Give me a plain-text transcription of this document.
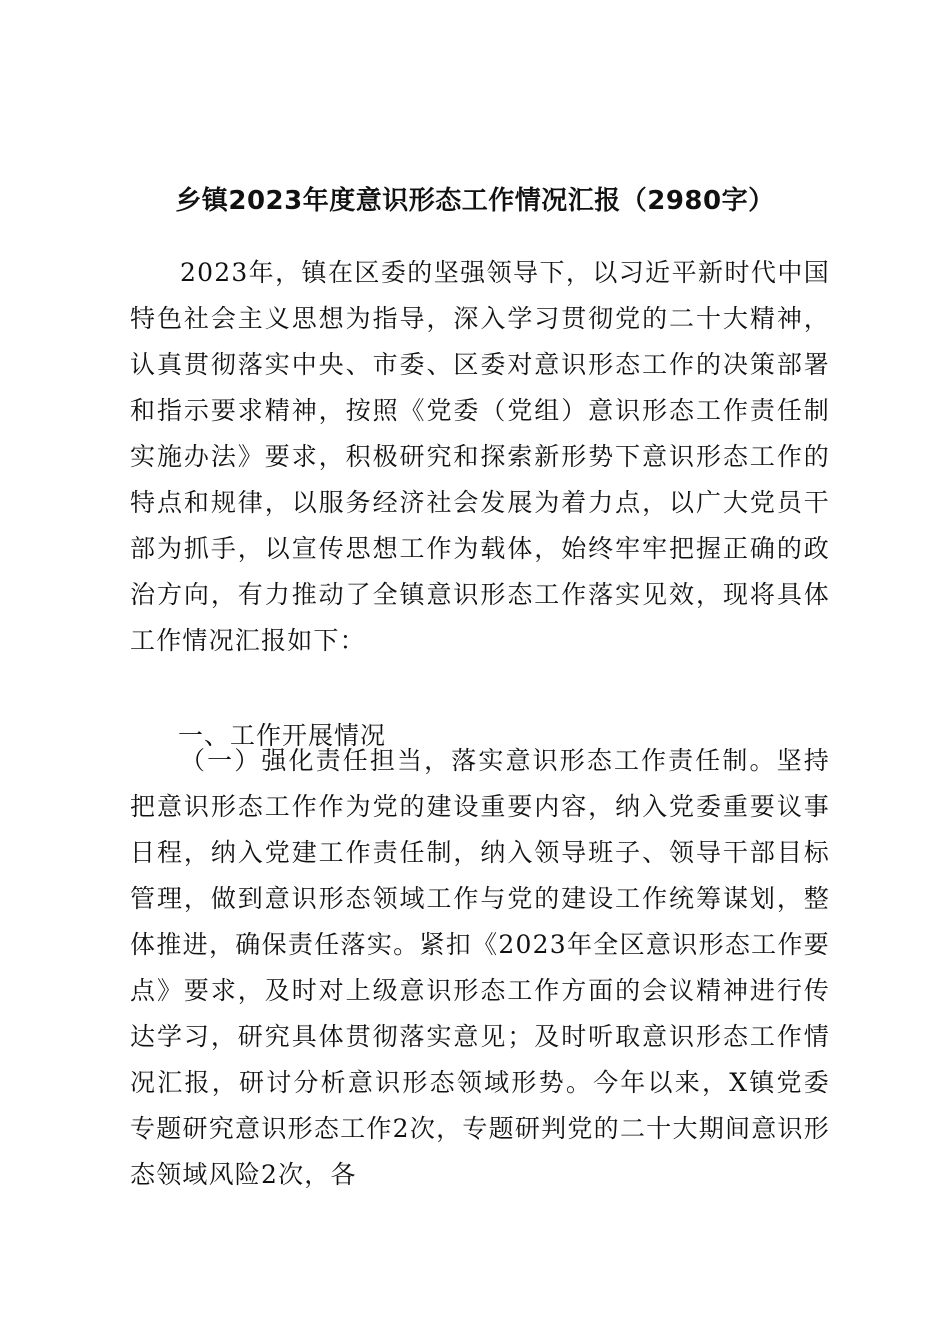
乡镇2023年度意识形态工作情况汇报（2980字）

2023年，镇在区委的坚强领导下，以习近平新时代中国特色社会主义思想为指导，深入学习贯彻党的二十大精神，认真贯彻落实中央、市委、区委对意识形态工作的决策部署和指示要求精神，按照《党委（党组）意识形态工作责任制实施办法》要求，积极研究和探索新形势下意识形态工作的特点和规律，以服务经济社会发展为着力点，以广大党员干部为抓手，以宣传思想工作为载体，始终牢牢把握正确的政治方向，有力推动了全镇意识形态工作落实见效，现将具体工作情况汇报如下：

一、工作开展情况

（一）强化责任担当，落实意识形态工作责任制。坚持把意识形态工作作为党的建设重要内容，纳入党委重要议事日程，纳入党建工作责任制，纳入领导班子、领导干部目标管理，做到意识形态领域工作与党的建设工作统筹谋划，整体推进，确保责任落实。紧扣《2023年全区意识形态工作要点》要求，及时对上级意识形态工作方面的会议精神进行传达学习，研究具体贯彻落实意见；及时听取意识形态工作情况汇报，研讨分析意识形态领域形势。今年以来，X镇党委专题研究意识形态工作2次，专题研判党的二十大期间意识形态领域风险2次，各
